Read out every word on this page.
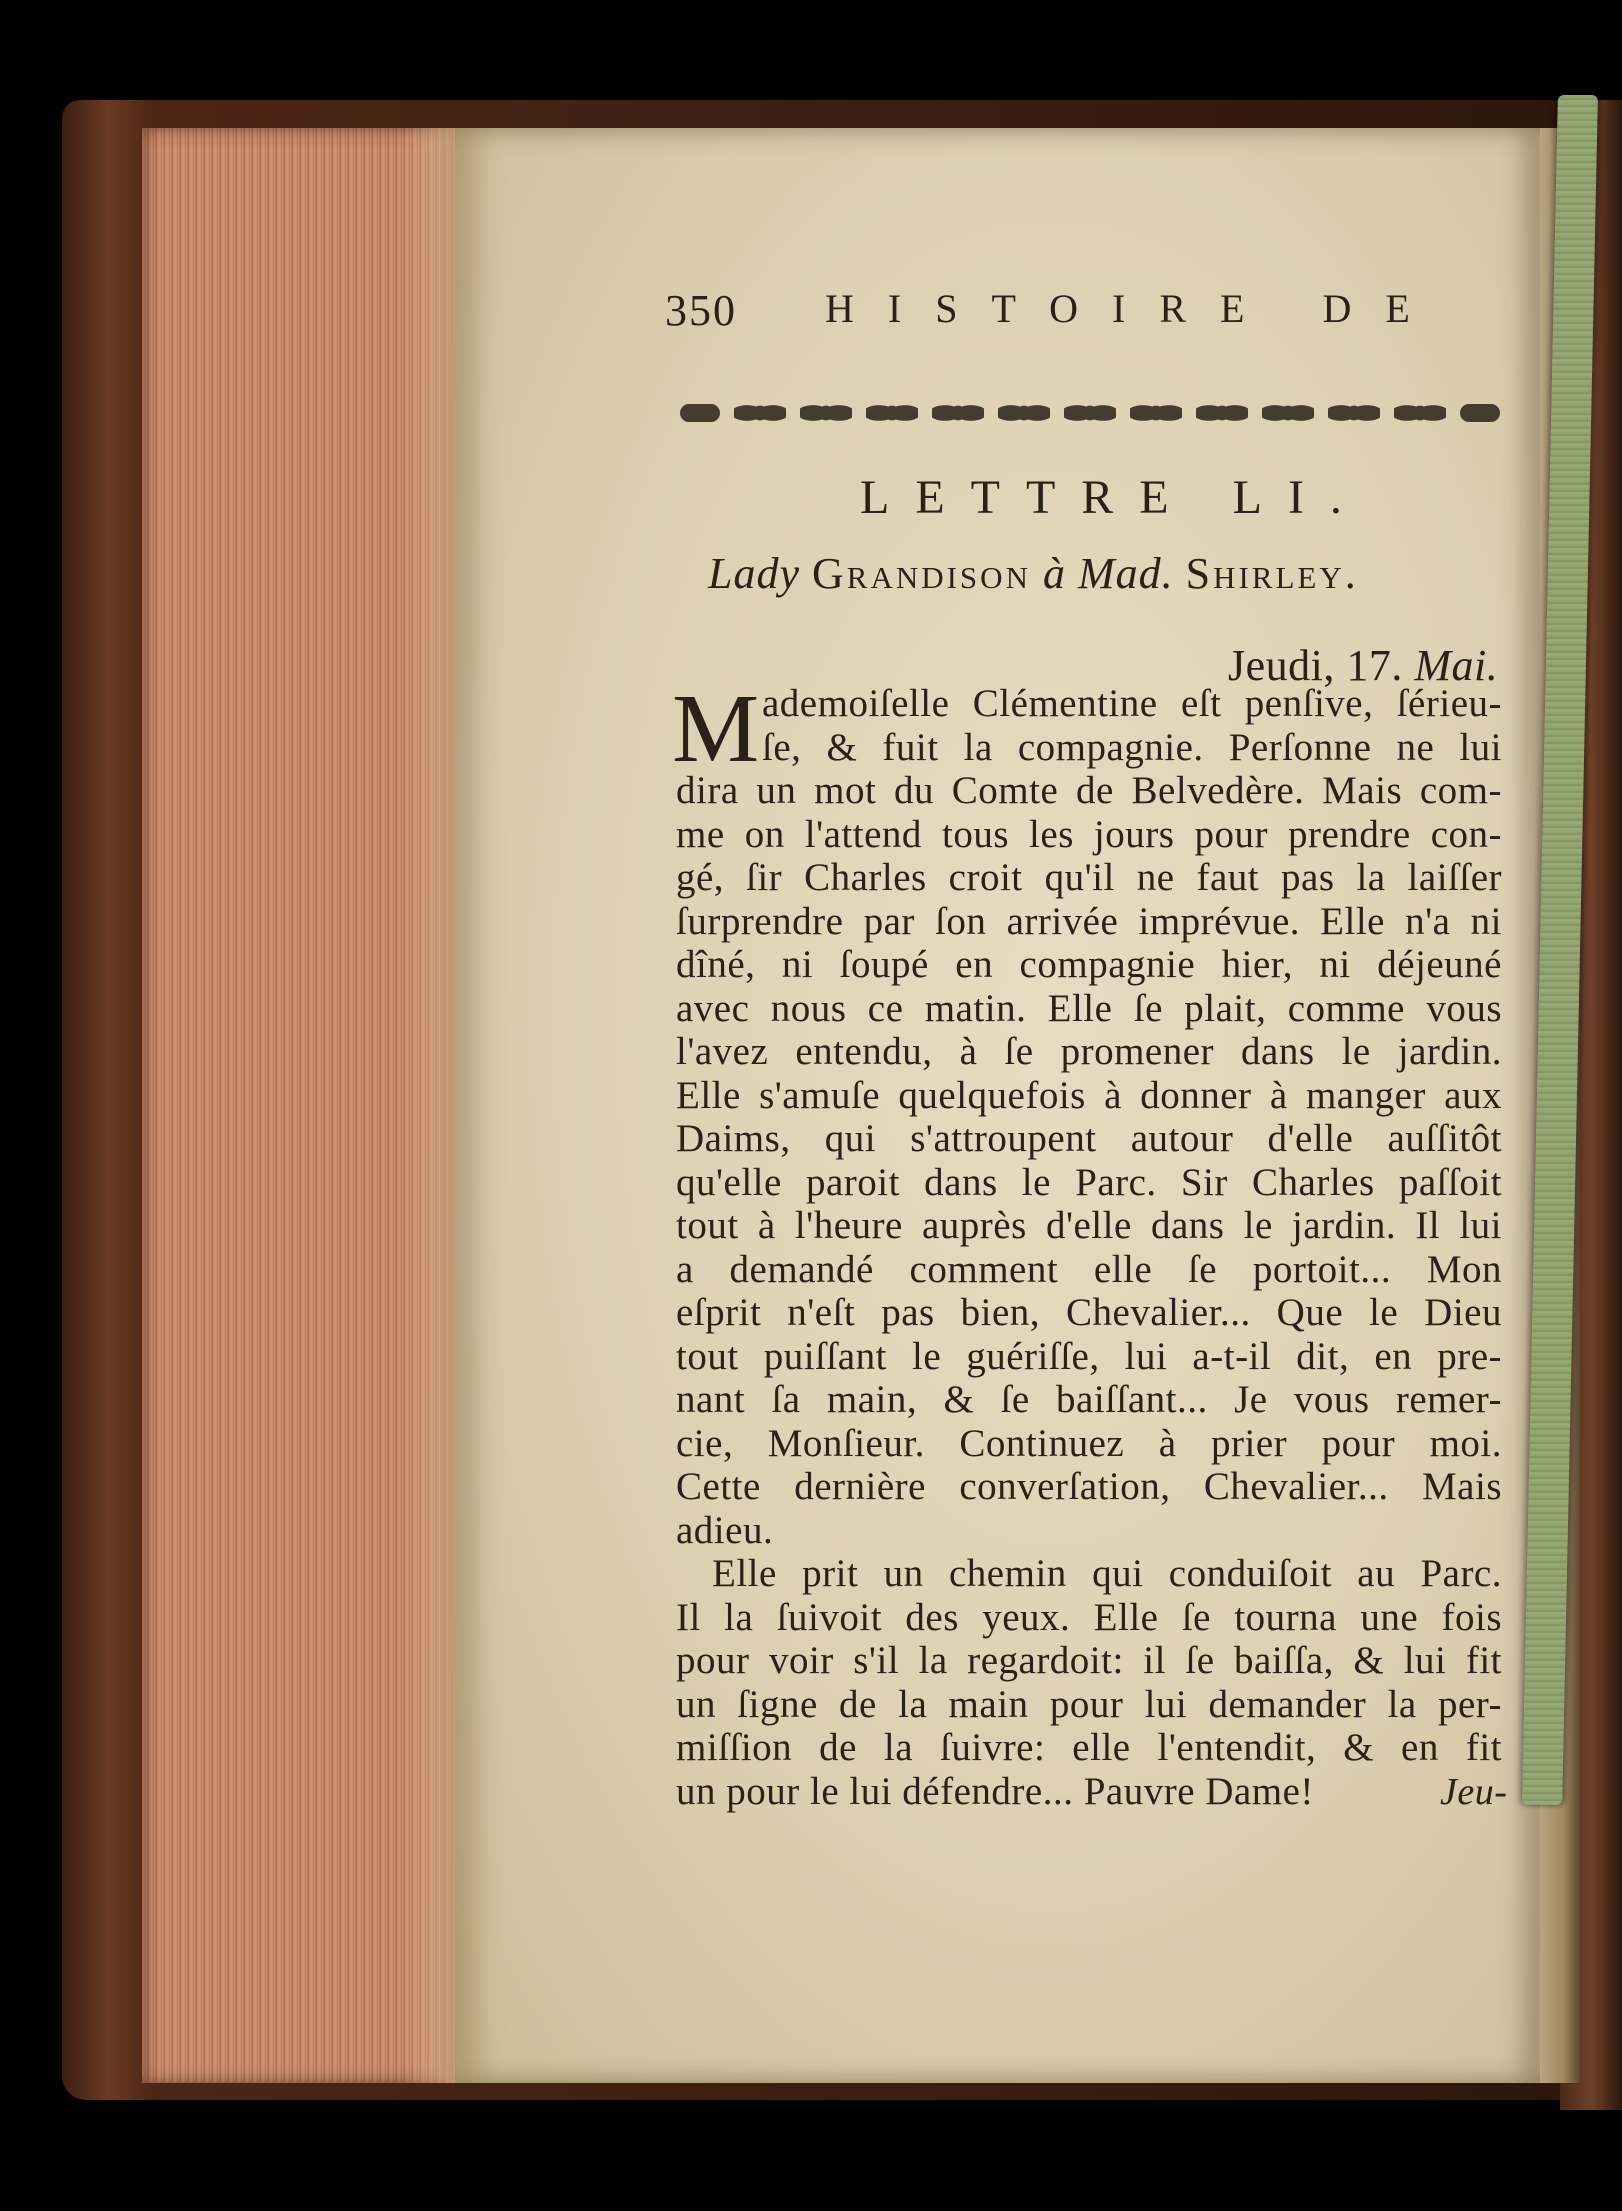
350 HISTOIRE DE
LETTRE LI.
Lady Grandison à Mad. Shirley.
Jeudi, 17. Mai.
M ademoiſelle Clémentine eſt penſive, ſérieu-
ſe, & fuit la compagnie. Perſonne ne lui
dira un mot du Comte de Belvedère. Mais com-
me on l'attend tous les jours pour prendre con-
gé, ſir Charles croit qu'il ne faut pas la laiſſer
ſurprendre par ſon arrivée imprévue. Elle n'a ni
dîné, ni ſoupé en compagnie hier, ni déjeuné
avec nous ce matin. Elle ſe plait, comme vous
l'avez entendu, à ſe promener dans le jardin.
Elle s'amuſe quelquefois à donner à manger aux
Daims, qui s'attroupent autour d'elle auſſitôt
qu'elle paroit dans le Parc. Sir Charles paſſoit
tout à l'heure auprès d'elle dans le jardin. Il lui
a demandé comment elle ſe portoit... Mon
eſprit n'eſt pas bien, Chevalier... Que le Dieu
tout puiſſant le guériſſe, lui a-t-il dit, en pre-
nant ſa main, & ſe baiſſant... Je vous remer-
cie, Monſieur. Continuez à prier pour moi.
Cette dernière converſation, Chevalier... Mais
adieu.
Elle prit un chemin qui conduiſoit au Parc.
Il la ſuivoit des yeux. Elle ſe tourna une fois
pour voir s'il la regardoit: il ſe baiſſa, & lui fit
un ſigne de la main pour lui demander la per-
miſſion de la ſuivre: elle l'entendit, & en fit
un pour le lui défendre... Pauvre Dame!	Jeu-
